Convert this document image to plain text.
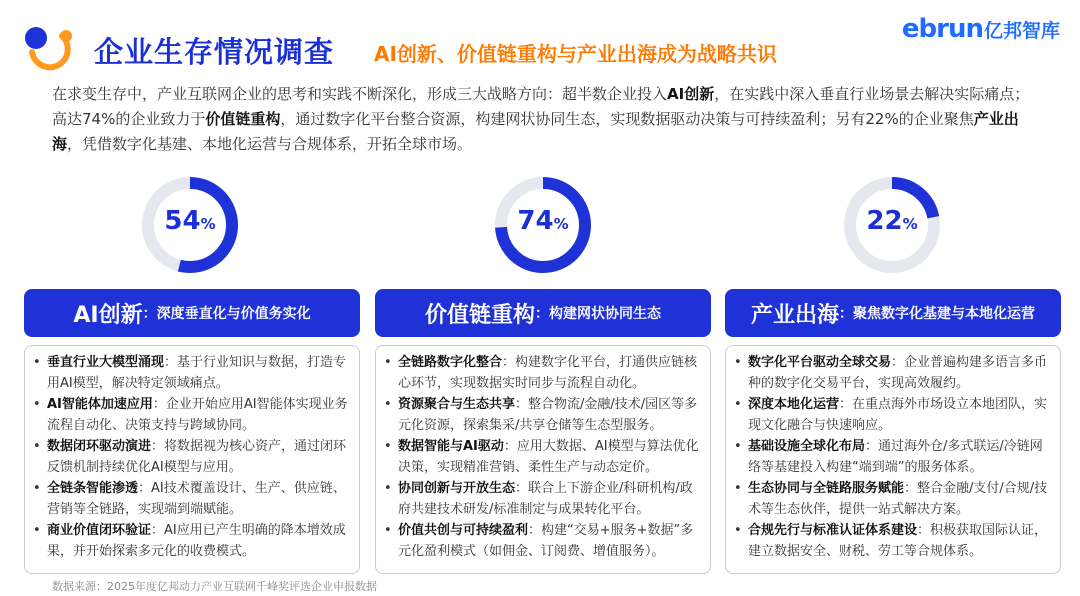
企业生存情况调查 AI创新、价值链重构与产业出海成为战略共识
ebrun 亿邦智库
在求变生存中，产业互联网企业的思考和实践不断深化，形成三大战略方向：超半数企业投入AI创新，在实践中深入垂直行业场景去解决实际痛点；高达74%的企业致力于价值链重构，通过数字化平台整合资源，构建网状协同生态，实现数据驱动决策与可持续盈利；另有22%的企业聚焦产业出海，凭借数字化基建、本地化运营与合规体系，开拓全球市场。
54%	74%	22%
AI创新 ：深度垂直化与价值务实化
• 垂直行业大模型涌现：基于行业知识与数据，打造专用AI模型，解决特定领域痛点。
• AI智能体加速应用：企业开始应用AI智能体实现业务流程自动化、决策支持与跨域协同。
• 数据闭环驱动演进：将数据视为核心资产，通过闭环反馈机制持续优化AI模型与应用。
• 全链条智能渗透：AI技术覆盖设计、生产、供应链、营销等全链路，实现端到端赋能。
• 商业价值闭环验证：AI应用已产生明确的降本增效成果，并开始探索多元化的收费模式。
价值链重构 ：构建网状协同生态
• 全链路数字化整合：构建数字化平台，打通供应链核心环节，实现数据实时同步与流程自动化。
• 资源聚合与生态共享：整合物流/金融/技术/园区等多元化资源，探索集采/共享仓储等生态型服务。
• 数据智能与AI驱动：应用大数据、AI模型与算法优化决策，实现精准营销、柔性生产与动态定价。
• 协同创新与开放生态：联合上下游企业/科研机构/政府共建技术研发/标准制定与成果转化平台。
• 价值共创与可持续盈利：构建“交易+服务+数据”多元化盈利模式（如佣金、订阅费、增值服务）。
产业出海 ：聚焦数字化基建与本地化运营
• 数字化平台驱动全球交易：企业普遍构建多语言多币种的数字化交易平台，实现高效履约。
• 深度本地化运营：在重点海外市场设立本地团队，实现文化融合与快速响应。
• 基础设施全球化布局：通过海外仓/多式联运/冷链网络等基建投入构建“端到端”的服务体系。
• 生态协同与全链路服务赋能：整合金融/支付/合规/技术等生态伙伴，提供一站式解决方案。
• 合规先行与标准认证体系建设：积极获取国际认证，建立数据安全、财税、劳工等合规体系。
数据来源：2025年度亿邦动力产业互联网千峰奖评选企业申报数据
